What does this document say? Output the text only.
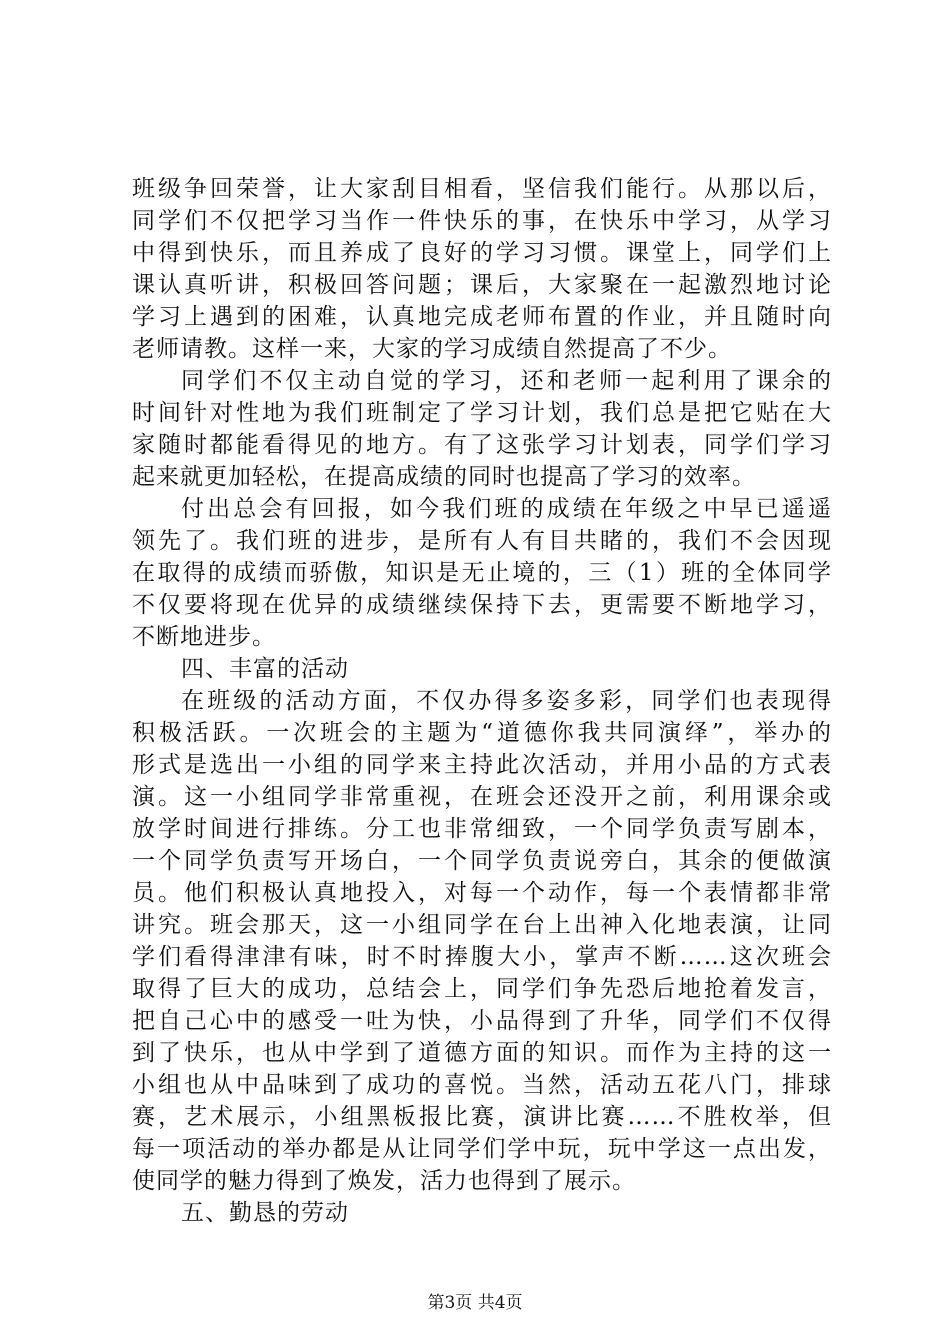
班级争回荣誉，让大家刮目相看，坚信我们能行。从那以后，
同学们不仅把学习当作一件快乐的事，在快乐中学习，从学习
中得到快乐，而且养成了良好的学习习惯。课堂上，同学们上
课认真听讲，积极回答问题；课后，大家聚在一起激烈地讨论
学习上遇到的困难，认真地完成老师布置的作业，并且随时向
老师请教。这样一来，大家的学习成绩自然提高了不少。
同学们不仅主动自觉的学习，还和老师一起利用了课余的
时间针对性地为我们班制定了学习计划，我们总是把它贴在大
家随时都能看得见的地方。有了这张学习计划表，同学们学习
起来就更加轻松，在提高成绩的同时也提高了学习的效率。
付出总会有回报，如今我们班的成绩在年级之中早已遥遥
领先了。我们班的进步，是所有人有目共睹的，我们不会因现
在取得的成绩而骄傲，知识是无止境的，三（1）班的全体同学
不仅要将现在优异的成绩继续保持下去，更需要不断地学习，
不断地进步。
四、丰富的活动
在班级的活动方面，不仅办得多姿多彩，同学们也表现得
积极活跃。一次班会的主题为“道德你我共同演绎”，举办的
形式是选出一小组的同学来主持此次活动，并用小品的方式表
演。这一小组同学非常重视，在班会还没开之前，利用课余或
放学时间进行排练。分工也非常细致，一个同学负责写剧本，
一个同学负责写开场白，一个同学负责说旁白，其余的便做演
员。他们积极认真地投入，对每一个动作，每一个表情都非常
讲究。班会那天，这一小组同学在台上出神入化地表演，让同
学们看得津津有味，时不时捧腹大小，掌声不断……这次班会
取得了巨大的成功，总结会上，同学们争先恐后地抢着发言，
把自己心中的感受一吐为快，小品得到了升华，同学们不仅得
到了快乐，也从中学到了道德方面的知识。而作为主持的这一
小组也从中品味到了成功的喜悦。当然，活动五花八门，排球
赛，艺术展示，小组黑板报比赛，演讲比赛……不胜枚举，但
每一项活动的举办都是从让同学们学中玩，玩中学这一点出发，
使同学的魅力得到了焕发，活力也得到了展示。
五、勤恳的劳动
第3页 共4页
